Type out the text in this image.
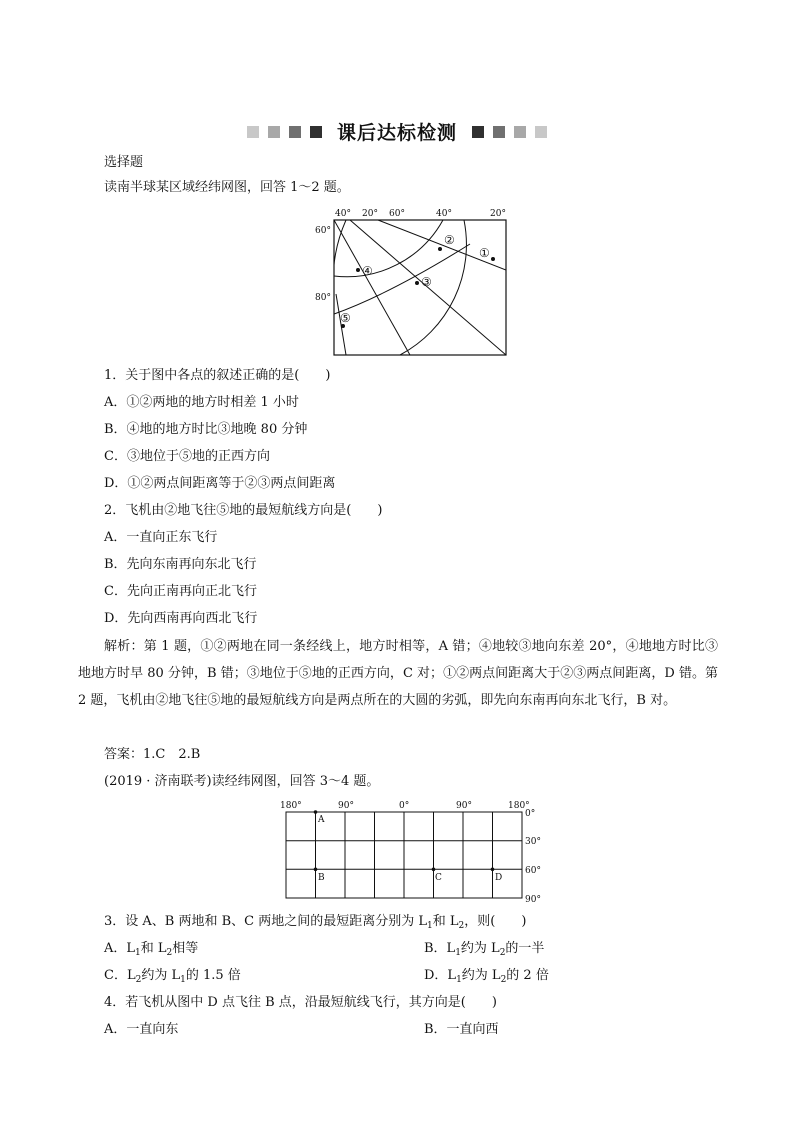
课后达标检测
选择题
读南半球某区域经纬网图，回答 1～2 题。
40° 20° 60°	40°	20°
60°
80°
②
①
④
③
⑤
1．关于图中各点的叙述正确的是(　　)
A．①②两地的地方时相差 1 小时
B．④地的地方时比③地晚 80 分钟
C．③地位于⑤地的正西方向
D．①②两点间距离等于②③两点间距离
2．飞机由②地飞往⑤地的最短航线方向是(　　)
A．一直向正东飞行
B．先向东南再向东北飞行
C．先向正南再向正北飞行
D．先向西南再向西北飞行
解析：第 1 题，①②两地在同一条经线上，地方时相等，A 错；④地较③地向东差 20°，④地地方时比③地地方时早 80 分钟，B 错；③地位于⑤地的正西方向，C 对；①②两点间距离大于②③两点间距离，D 错。第 2 题，飞机由②地飞往⑤地的最短航线方向是两点所在的大圆的劣弧，即先向东南再向东北飞行，B 对。
答案：1.C　2.B
(2019 · 济南联考)读经纬网图，回答 3～4 题。
180°	90°	0°	90°	180°
0°
30°
60°
90°
A
B	C	D
3．设 A、B 两地和 B、C 两地之间的最短距离分别为 $L_1$和 $L_2$，则(　　)
A．$L_1$和 $L_2$相等	B．$L_1$约为 $L_2$的一半
C．$L_2$约为 $L_1$的 1.5 倍	D．$L_1$约为 $L_2$的 2 倍
4．若飞机从图中 D 点飞往 B 点，沿最短航线飞行，其方向是(　　)
A．一直向东	B．一直向西
